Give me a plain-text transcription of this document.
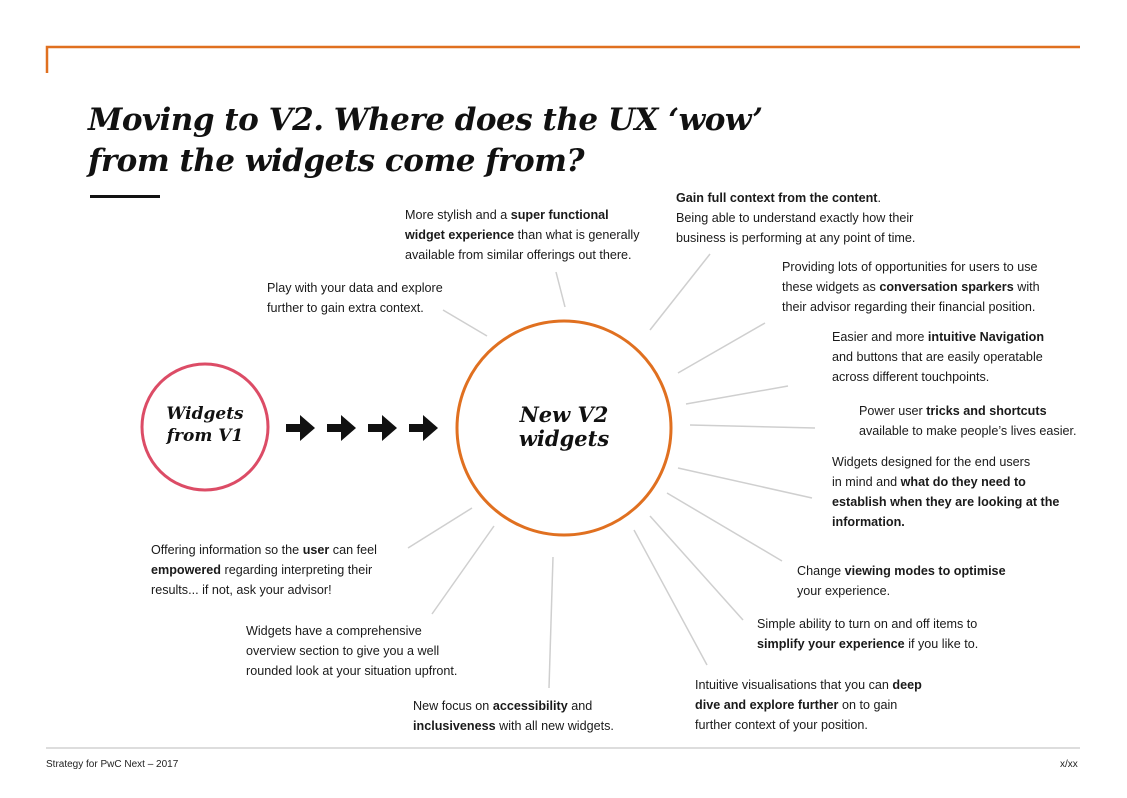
Moving to V2. Where does the UX ‘wow’
from the widgets come from?
Widgets
from V1
New V2
widgets
More stylish and a super functional
widget experience than what is generally
available from similar offerings out there.
Gain full context from the content.
Being able to understand exactly how their
business is performing at any point of time.
Play with your data and explore
further to gain extra context.
Providing lots of opportunities for users to use
these widgets as conversation sparkers with
their advisor regarding their financial position.
Easier and more intuitive Navigation
and buttons that are easily operatable
across different touchpoints.
Power user tricks and shortcuts
available to make people’s lives easier.
Widgets designed for the end users
in mind and what do they need to
establish when they are looking at the
information.
Change viewing modes to optimise
your experience.
Simple ability to turn on and off items to
simplify your experience if you like to.
Intuitive visualisations that you can deep
dive and explore further on to gain
further context of your position.
New focus on accessibility and
inclusiveness with all new widgets.
Widgets have a comprehensive
overview section to give you a well
rounded look at your situation upfront.
Offering information so the user can feel
empowered regarding interpreting their
results... if not, ask your advisor!
Strategy for PwC Next – 2017	x/xx
